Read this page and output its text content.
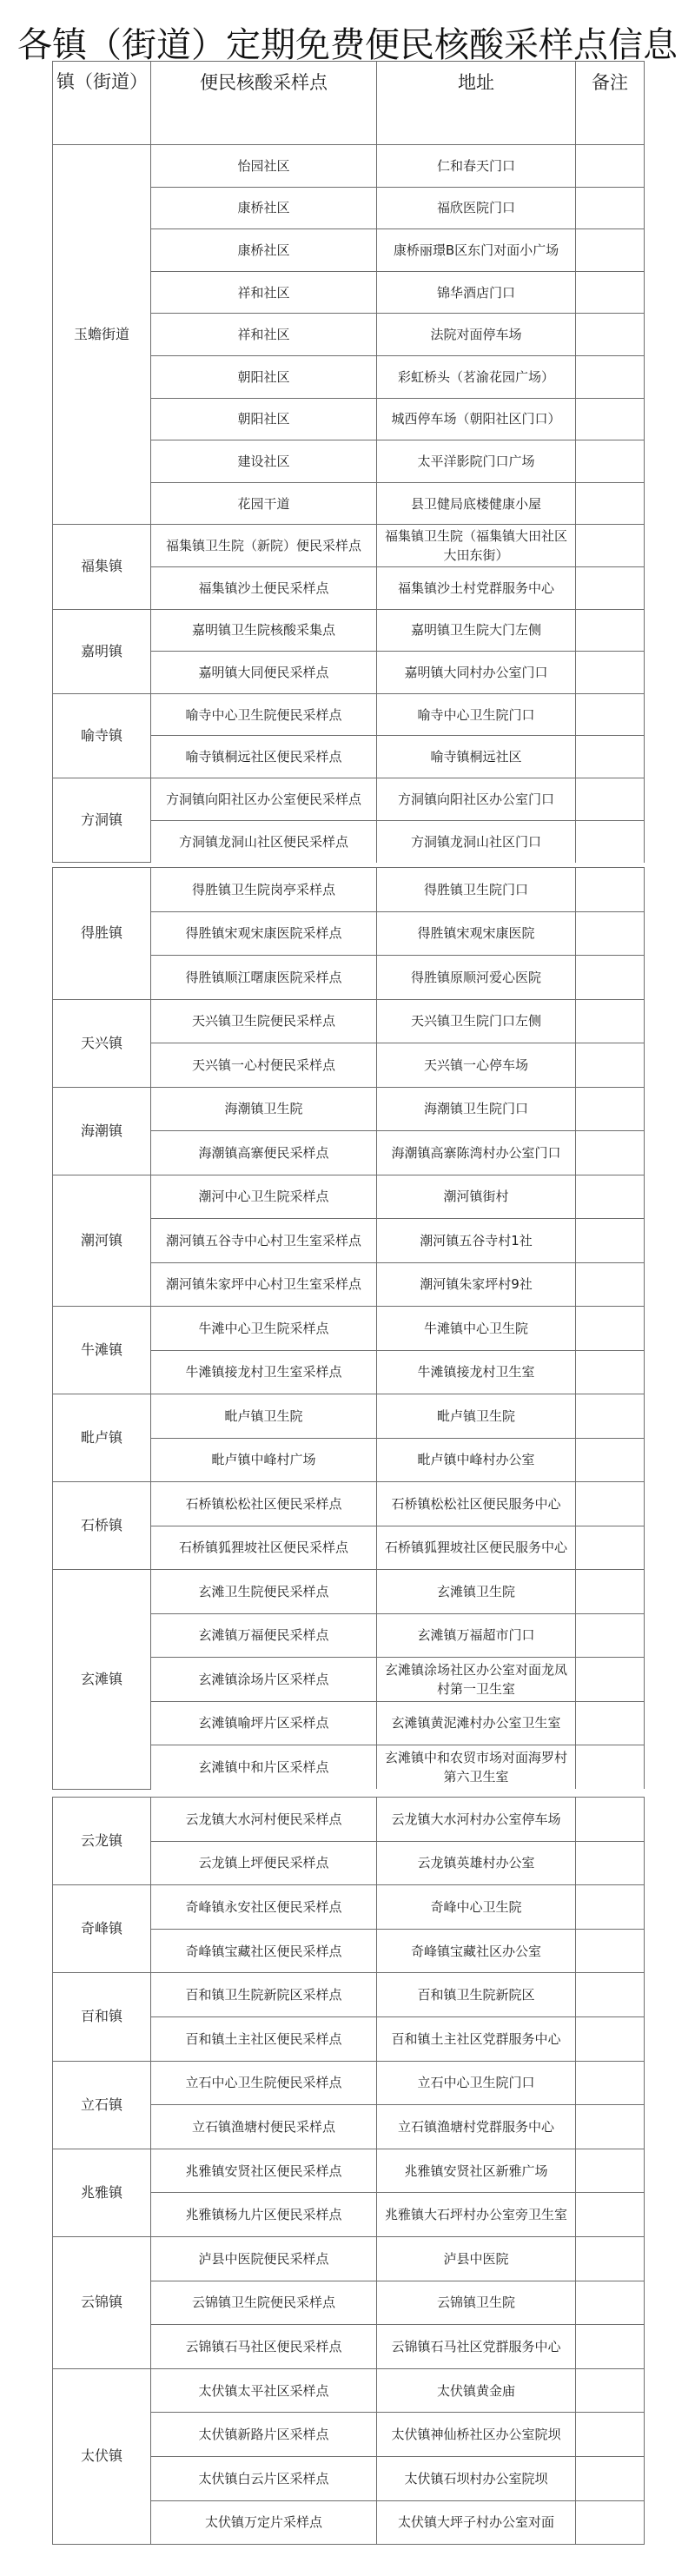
各镇（街道）定期免费便民核酸采样点信息
镇（街道）	便民核酸采样点	地址	备注
玉蟾街道	怡园社区	仁和春天门口	
	康桥社区	福欣医院门口	
	康桥社区	康桥丽璟B区东门对面小广场	
	祥和社区	锦华酒店门口	
	祥和社区	法院对面停车场	
	朝阳社区	彩虹桥头（茗渝花园广场）	
	朝阳社区	城西停车场（朝阳社区门口）	
	建设社区	太平洋影院门口广场	
	花园干道	县卫健局底楼健康小屋	
福集镇	福集镇卫生院（新院）便民采样点	福集镇卫生院（福集镇大田社区大田东街）	
	福集镇沙土便民采样点	福集镇沙土村党群服务中心	
嘉明镇	嘉明镇卫生院核酸采集点	嘉明镇卫生院大门左侧	
	嘉明镇大同便民采样点	嘉明镇大同村办公室门口	
喻寺镇	喻寺中心卫生院便民采样点	喻寺中心卫生院门口	
	喻寺镇桐远社区便民采样点	喻寺镇桐远社区	
方洞镇	方洞镇向阳社区办公室便民采样点	方洞镇向阳社区办公室门口	
	方洞镇龙洞山社区便民采样点	方洞镇龙洞山社区门口	
得胜镇	得胜镇卫生院岗亭采样点	得胜镇卫生院门口	
	得胜镇宋观宋康医院采样点	得胜镇宋观宋康医院	
	得胜镇顺江曙康医院采样点	得胜镇原顺河爱心医院	
天兴镇	天兴镇卫生院便民采样点	天兴镇卫生院门口左侧	
	天兴镇一心村便民采样点	天兴镇一心停车场	
海潮镇	海潮镇卫生院	海潮镇卫生院门口	
	海潮镇高寨便民采样点	海潮镇高寨陈湾村办公室门口	
潮河镇	潮河中心卫生院采样点	潮河镇街村	
	潮河镇五谷寺中心村卫生室采样点	潮河镇五谷寺村1社	
	潮河镇朱家坪中心村卫生室采样点	潮河镇朱家坪村9社	
牛滩镇	牛滩中心卫生院采样点	牛滩镇中心卫生院	
	牛滩镇接龙村卫生室采样点	牛滩镇接龙村卫生室	
毗卢镇	毗卢镇卫生院	毗卢镇卫生院	
	毗卢镇中峰村广场	毗卢镇中峰村办公室	
石桥镇	石桥镇松松社区便民采样点	石桥镇松松社区便民服务中心	
	石桥镇狐狸坡社区便民采样点	石桥镇狐狸坡社区便民服务中心	
玄滩镇	玄滩卫生院便民采样点	玄滩镇卫生院	
	玄滩镇万福便民采样点	玄滩镇万福超市门口	
	玄滩镇涂场片区采样点	玄滩镇涂场社区办公室对面龙凤村第一卫生室	
	玄滩镇喻坪片区采样点	玄滩镇黄泥滩村办公室卫生室	
	玄滩镇中和片区采样点	玄滩镇中和农贸市场对面海罗村第六卫生室	
云龙镇	云龙镇大水河村便民采样点	云龙镇大水河村办公室停车场	
	云龙镇上坪便民采样点	云龙镇英雄村办公室	
奇峰镇	奇峰镇永安社区便民采样点	奇峰中心卫生院	
	奇峰镇宝藏社区便民采样点	奇峰镇宝藏社区办公室	
百和镇	百和镇卫生院新院区采样点	百和镇卫生院新院区	
	百和镇土主社区便民采样点	百和镇土主社区党群服务中心	
立石镇	立石中心卫生院便民采样点	立石中心卫生院门口	
	立石镇渔塘村便民采样点	立石镇渔塘村党群服务中心	
兆雅镇	兆雅镇安贤社区便民采样点	兆雅镇安贤社区新雅广场	
	兆雅镇杨九片区便民采样点	兆雅镇大石坪村办公室旁卫生室	
云锦镇	泸县中医院便民采样点	泸县中医院	
	云锦镇卫生院便民采样点	云锦镇卫生院	
	云锦镇石马社区便民采样点	云锦镇石马社区党群服务中心	
太伏镇	太伏镇太平社区采样点	太伏镇黄金庙	
	太伏镇新路片区采样点	太伏镇神仙桥社区办公室院坝	
	太伏镇白云片区采样点	太伏镇石坝村办公室院坝	
	太伏镇万定片采样点	太伏镇大坪子村办公室对面	
